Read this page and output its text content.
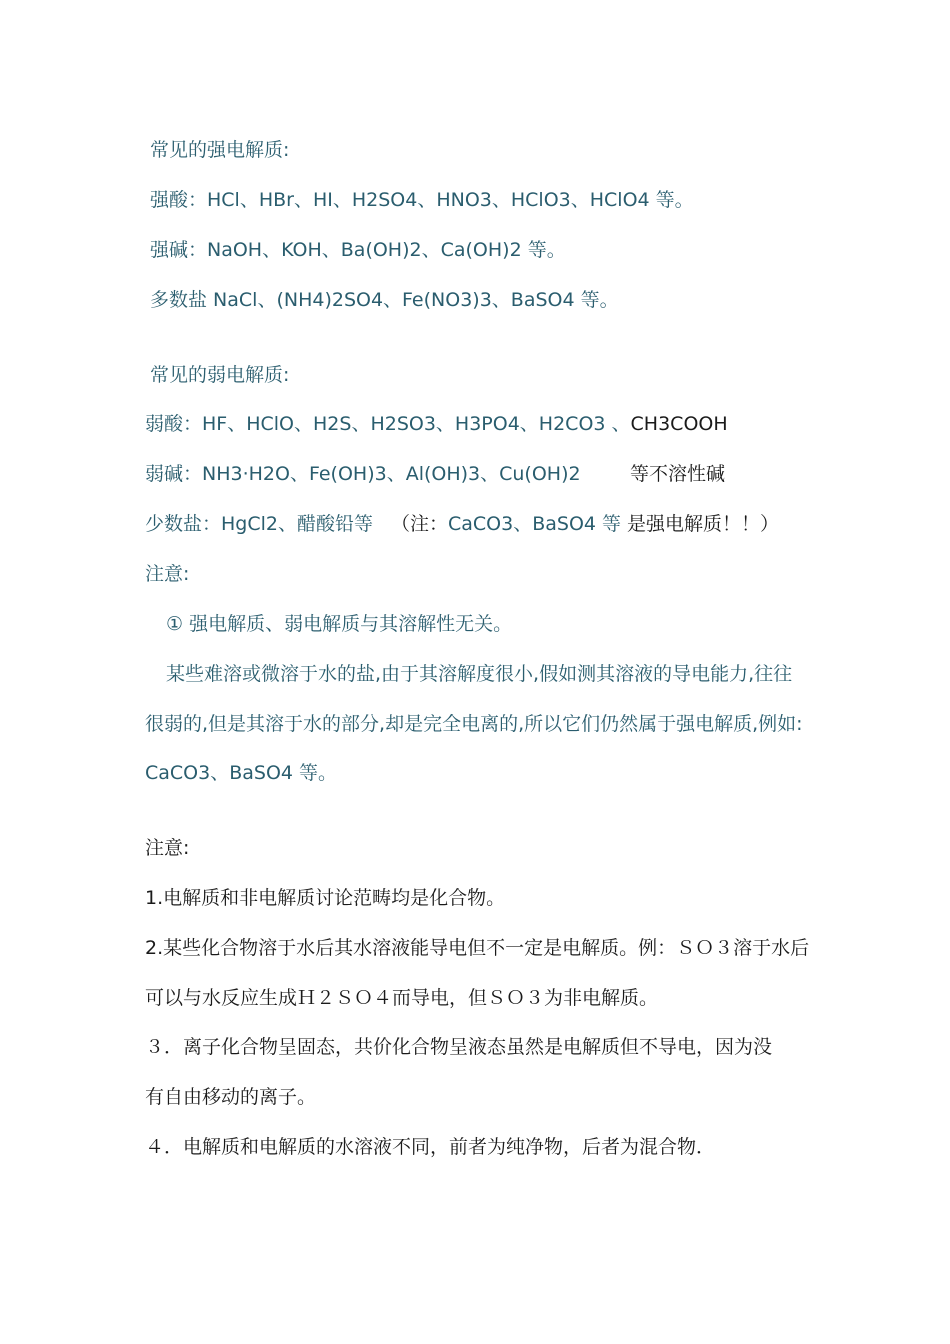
常见的强电解质:
强酸：HCl、HBr、HI、H2SO4、HNO3、HClO3、HClO4 等。
强碱：NaOH、KOH、Ba(OH)2、Ca(OH)2 等。
多数盐 NaCl、(NH4)2SO4、Fe(NO3)3、BaSO4 等。
常见的弱电解质:
弱酸：HF、HClO、H2S、H2SO3、H3PO4、H2CO3 、CH3COOH
弱碱：NH3·H2O、Fe(OH)3、Al(OH)3、Cu(OH)2	等不溶性碱
少数盐：HgCl2、醋酸铅等 （注：CaCO3、BaSO4 等 是强电解质！！）
注意:
① 强电解质、弱电解质与其溶解性无关。
某些难溶或微溶于水的盐,由于其溶解度很小,假如测其溶液的导电能力,往往
很弱的,但是其溶于水的部分,却是完全电离的,所以它们仍然属于强电解质,例如:
CaCO3、BaSO4 等。
注意:
1.电解质和非电解质讨论范畴均是化合物。
2.某些化合物溶于水后其水溶液能导电但不一定是电解质。例：ＳＯ３溶于水后
可以与水反应生成Ｈ２ＳＯ４而导电，但ＳＯ３为非电解质。
３．离子化合物呈固态，共价化合物呈液态虽然是电解质但不导电，因为没
有自由移动的离子。
４．电解质和电解质的水溶液不同，前者为纯净物，后者为混合物．
